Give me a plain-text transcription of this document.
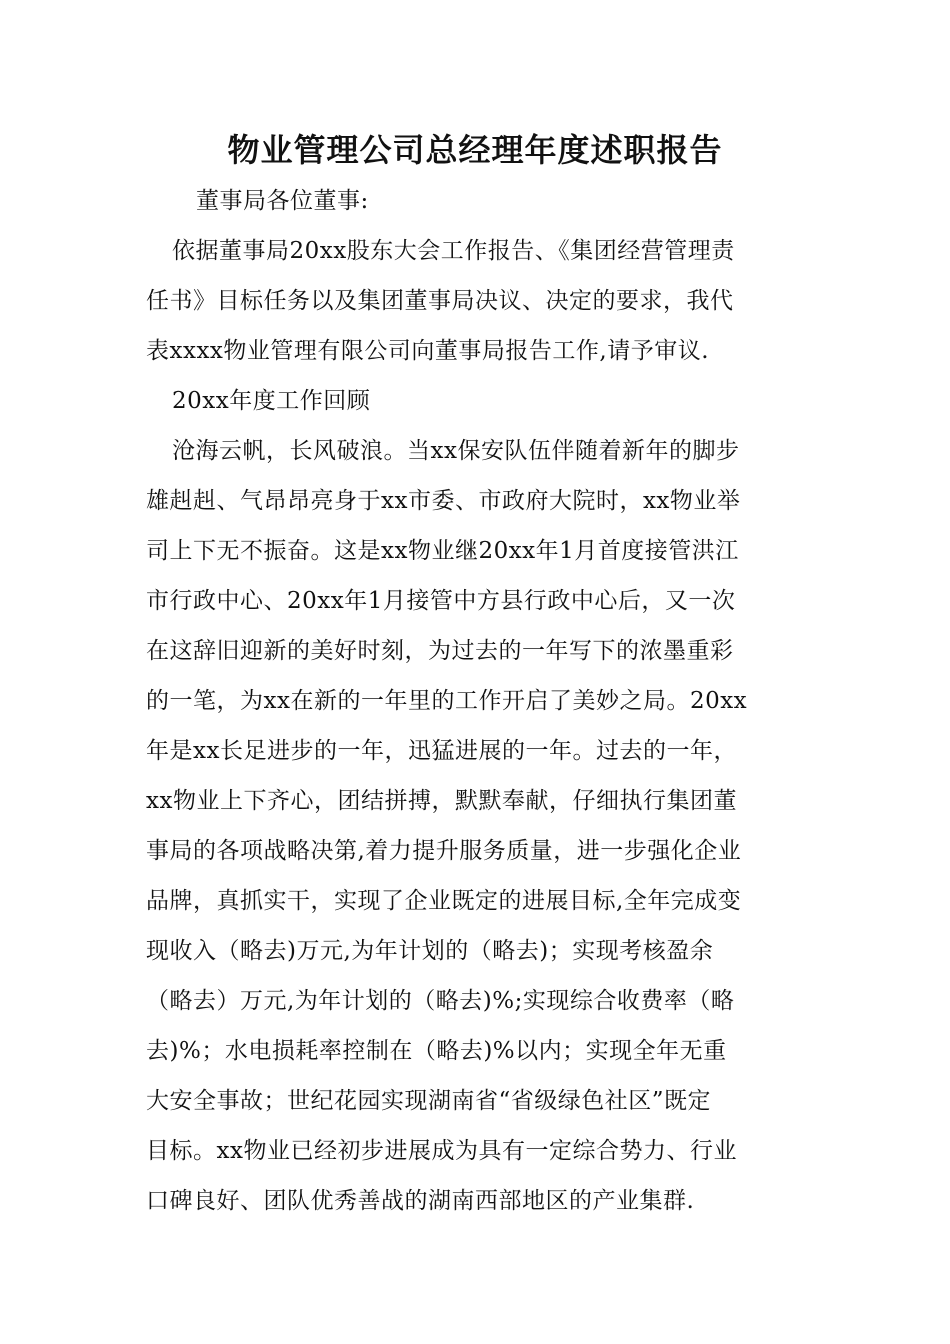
物业管理公司总经理年度述职报告
董事局各位董事:
依据董事局20xx股东大会工作报告、《集团经营管理责
任书》目标任务以及集团董事局决议、决定的要求，我代
表xxxx物业管理有限公司向董事局报告工作,请予审议.
20xx年度工作回顾
沧海云帆，长风破浪。当xx保安队伍伴随着新年的脚步
雄赳赳、气昂昂亮身于xx市委、市政府大院时，xx物业举
司上下无不振奋。这是xx物业继20xx年1月首度接管洪江
市行政中心、20xx年1月接管中方县行政中心后，又一次
在这辞旧迎新的美好时刻，为过去的一年写下的浓墨重彩
的一笔，为xx在新的一年里的工作开启了美妙之局。20xx
年是xx长足进步的一年，迅猛进展的一年。过去的一年，
xx物业上下齐心，团结拼搏，默默奉献，仔细执行集团董
事局的各项战略决第,着力提升服务质量，进一步强化企业
品牌，真抓实干，实现了企业既定的进展目标,全年完成变
现收入（略去)万元,为年计划的（略去)；实现考核盈余
（略去）万元,为年计划的（略去)%;实现综合收费率（略
去)%；水电损耗率控制在（略去)%以内；实现全年无重
大安全事故；世纪花园实现湖南省“省级绿色社区”既定
目标。xx物业已经初步进展成为具有一定综合势力、行业
口碑良好、团队优秀善战的湖南西部地区的产业集群.
